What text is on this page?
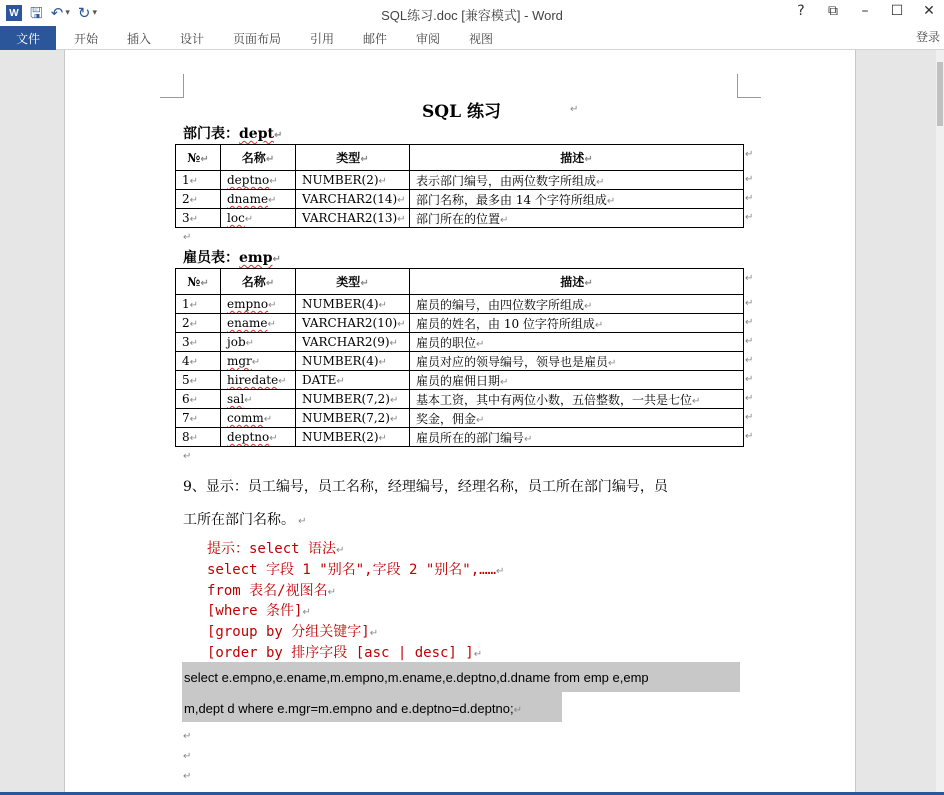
W 🖫 ↶ ▾ ↻ ▾	SQL练习.doc [兼容模式] - Word	? ⧉ – ☐ ✕
文件	开始 插入 设计 页面布局 引用 邮件 审阅 视图	登录
SQL 练习	↵
部门表：dept↵
№↵	名称↵	类型↵	描述↵
1↵	deptno↵	NUMBER(2)↵	表示部门编号，由两位数字所组成↵
2↵	dname↵	VARCHAR2(14)↵	部门名称，最多由 14 个字符所组成↵
3↵	loc↵	VARCHAR2(13)↵	部门所在的位置↵
↵
↵
↵
↵
↵
雇员表：emp↵
№↵	名称↵	类型↵	描述↵
1↵	empno↵	NUMBER(4)↵	雇员的编号，由四位数字所组成↵
2↵	ename↵	VARCHAR2(10)↵	雇员的姓名，由 10 位字符所组成↵
3↵	job↵	VARCHAR2(9)↵	雇员的职位↵
4↵	mgr↵	NUMBER(4)↵	雇员对应的领导编号，领导也是雇员↵
5↵	hiredate↵	DATE↵	雇员的雇佣日期↵
6↵	sal↵	NUMBER(7,2)↵	基本工资，其中有两位小数，五倍整数，一共是七位↵
7↵	comm↵	NUMBER(7,2)↵	奖金，佣金↵
8↵	deptno↵	NUMBER(2)↵	雇员所在的部门编号↵
↵
↵
↵
↵
↵
↵
↵
↵
↵
↵
9、显示：员工编号，员工名称，经理编号，经理名称，员工所在部门编号，员
工所在部门名称。 ↵
提示：select 语法↵
select 字段 1 "别名",字段 2 "别名",……↵
from 表名/视图名↵
[where 条件]↵
[group by 分组关键字]↵
[order by 排序字段 [asc | desc] ]↵
select e.empno,e.ename,m.empno,m.ename,e.deptno,d.dname from emp e,emp
m,dept d where e.mgr=m.empno and e.deptno=d.deptno;↵
↵
↵
↵
